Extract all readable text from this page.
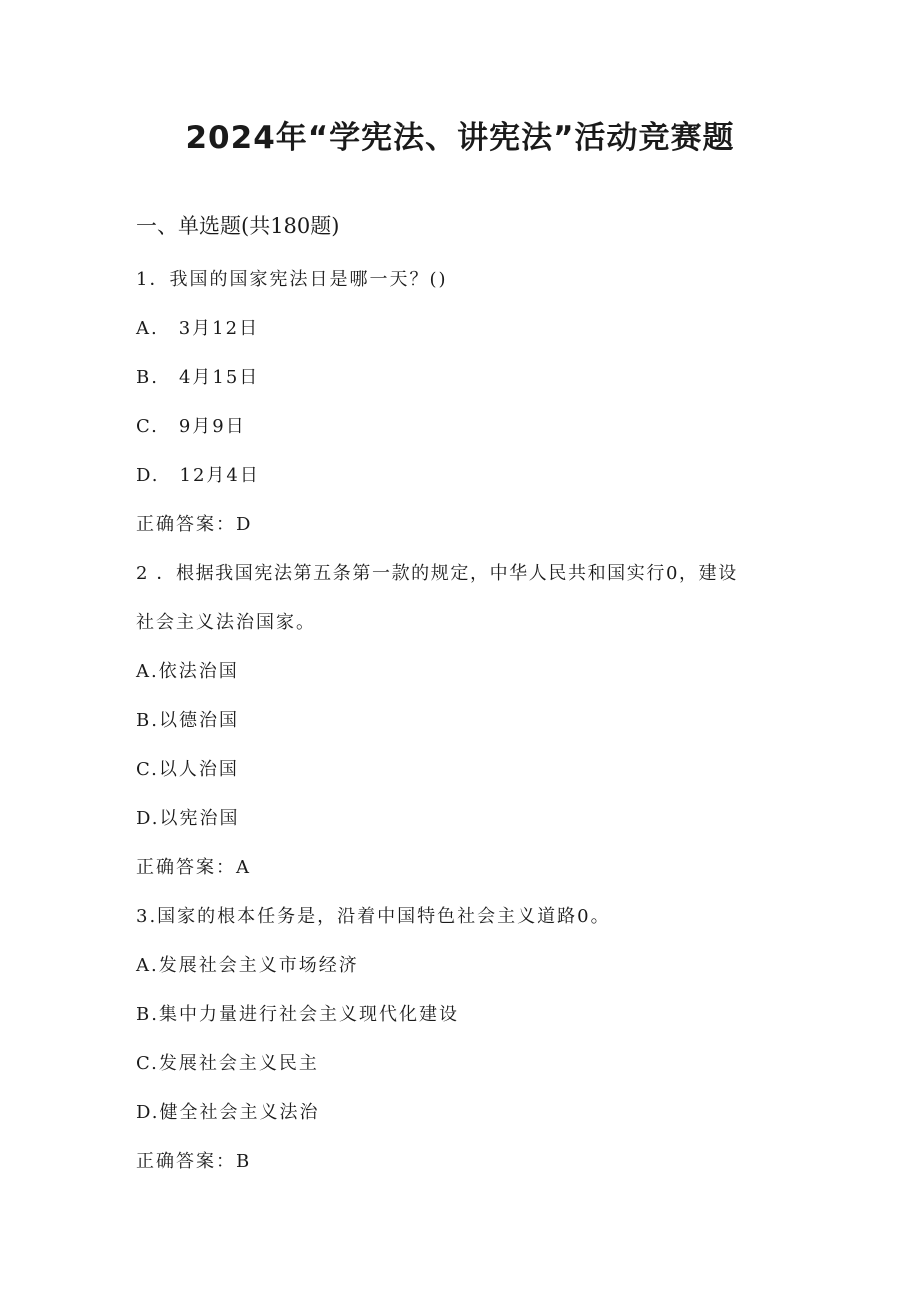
2024年“学宪法、讲宪法”活动竞赛题

一、单选题(共180题)

1．我国的国家宪法日是哪一天？()

A.　3月12日

B.　4月15日

C.　9月9日

D.　12月4日

正确答案：D

2 ．根据我国宪法第五条第一款的规定，中华人民共和国实行0，建设

社会主义法治国家。

A.依法治国

B.以德治国

C.以人治国

D.以宪治国

正确答案：A

3.国家的根本任务是，沿着中国特色社会主义道路0。

A.发展社会主义市场经济

B.集中力量进行社会主义现代化建设

C.发展社会主义民主

D.健全社会主义法治

正确答案：B
